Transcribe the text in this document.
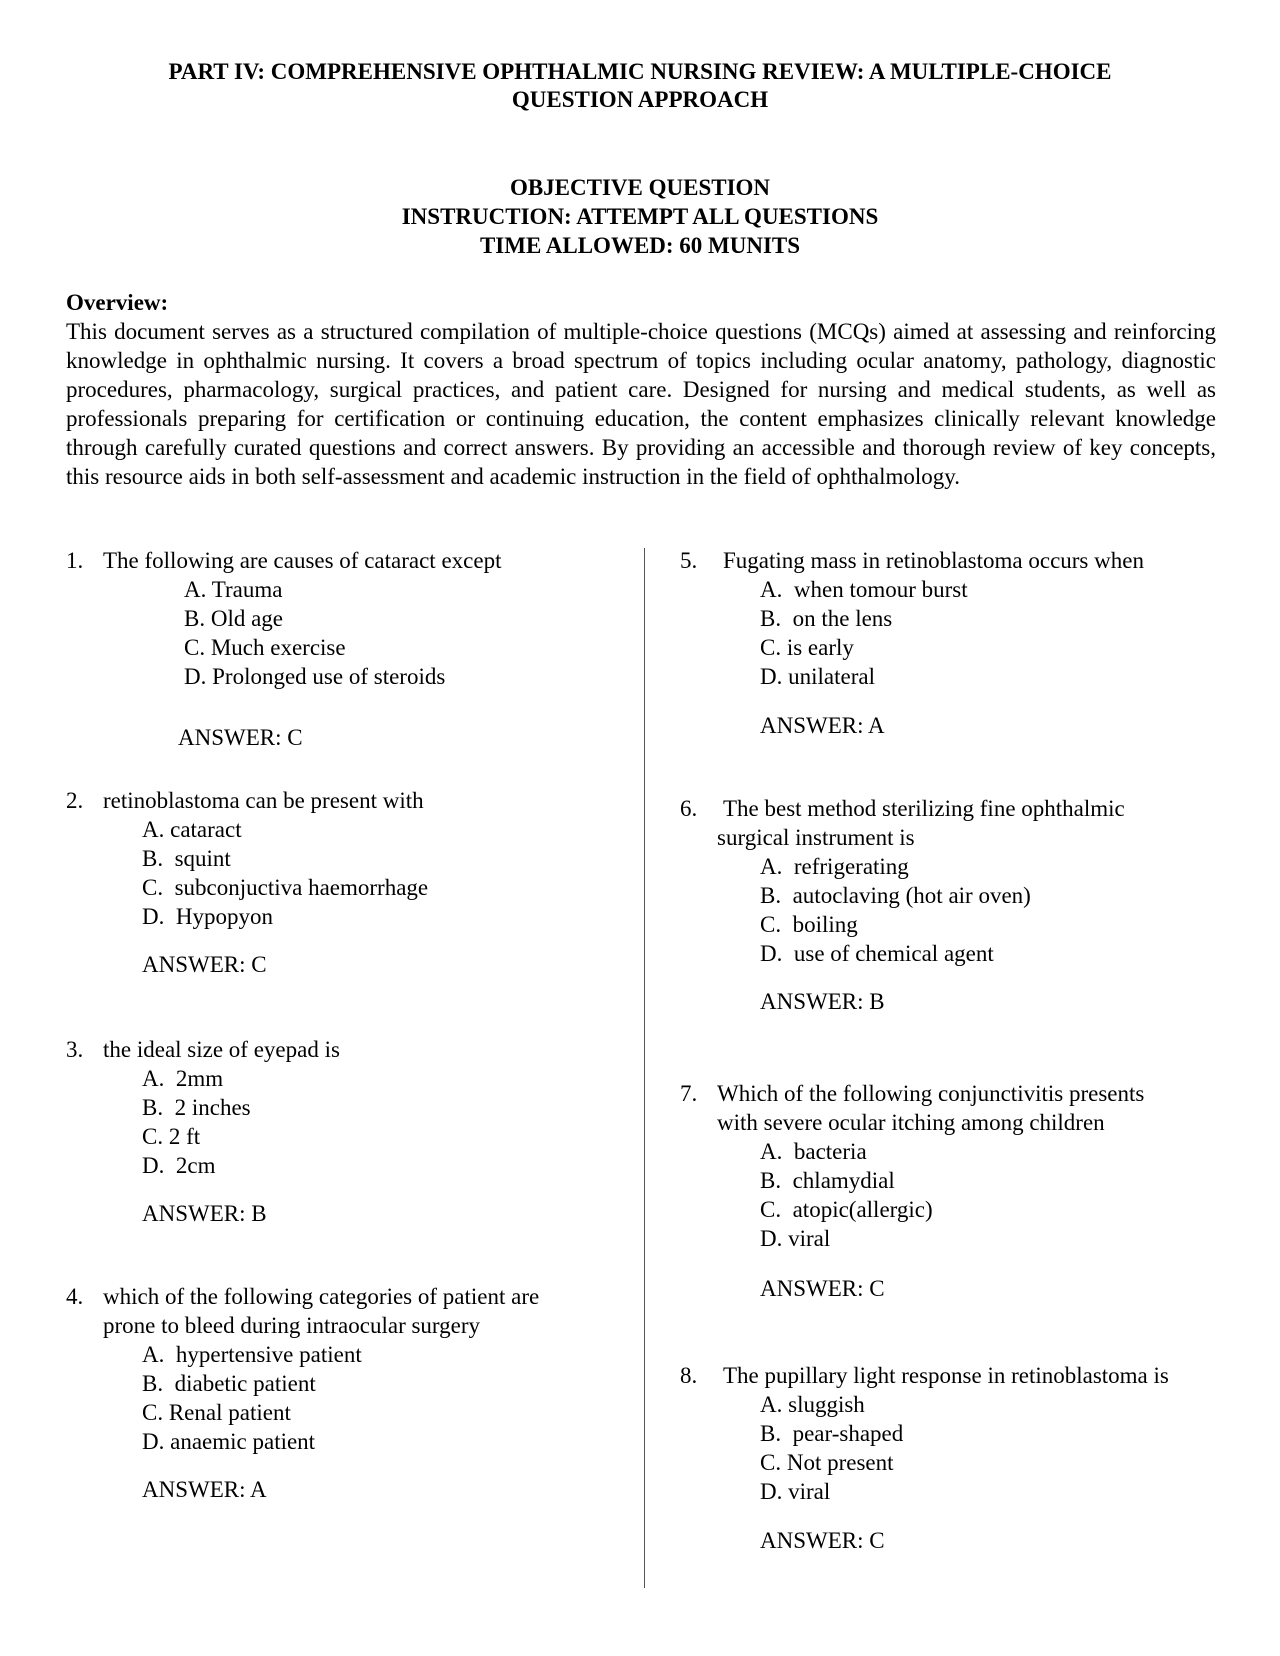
PART IV: COMPREHENSIVE OPHTHALMIC NURSING REVIEW: A MULTIPLE-CHOICE
QUESTION APPROACH
OBJECTIVE QUESTION
INSTRUCTION: ATTEMPT ALL QUESTIONS
TIME ALLOWED: 60 MUNITS
Overview:
This document serves as a structured compilation of multiple-choice questions (MCQs) aimed at assessing and reinforcing knowledge in ophthalmic nursing. It covers a broad spectrum of topics including ocular anatomy, pathology, diagnostic procedures, pharmacology, surgical practices, and patient care. Designed for nursing and medical students, as well as professionals preparing for certification or continuing education, the content emphasizes clinically relevant knowledge through carefully curated questions and correct answers. By providing an accessible and thorough review of key concepts, this resource aids in both self-assessment and academic instruction in the field of ophthalmology.
1. The following are causes of cataract except
A. Trauma
B. Old age
C. Much exercise
D. Prolonged use of steroids
ANSWER: C
2. retinoblastoma can be present with
A. cataract
B. squint
C. subconjuctiva haemorrhage
D. Hypopyon
ANSWER: C
3. the ideal size of eyepad is
A. 2mm
B. 2 inches
C. 2 ft
D. 2cm
ANSWER: B
4. which of the following categories of patient are
prone to bleed during intraocular surgery
A. hypertensive patient
B. diabetic patient
C. Renal patient
D. anaemic patient
ANSWER: A
5. Fugating mass in retinoblastoma occurs when
A. when tomour burst
B. on the lens
C. is early
D. unilateral
ANSWER: A
6. The best method sterilizing fine ophthalmic
surgical instrument is
A. refrigerating
B. autoclaving (hot air oven)
C. boiling
D. use of chemical agent
ANSWER: B
7. Which of the following conjunctivitis presents
with severe ocular itching among children
A. bacteria
B. chlamydial
C. atopic(allergic)
D. viral
ANSWER: C
8. The pupillary light response in retinoblastoma is
A. sluggish
B. pear-shaped
C. Not present
D. viral
ANSWER: C
